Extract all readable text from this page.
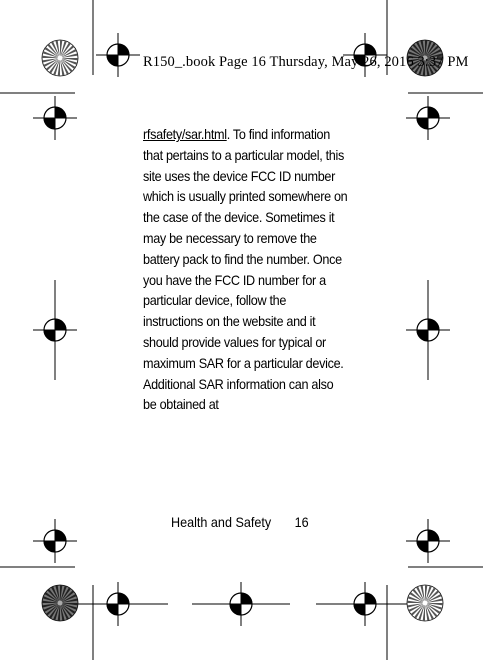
R150_.book Page 16 Thursday, May 26, 2016 3:37 PM
rfsafety/sar.html. To find information that pertains to a particular model, this site uses the device FCC ID number which is usually printed somewhere on the case of the device. Sometimes it may be necessary to remove the battery pack to find the number. Once you have the FCC ID number for a particular device, follow the instructions on the website and it should provide values for typical or maximum SAR for a particular device. Additional SAR information can also be obtained at
Health and Safety 16
